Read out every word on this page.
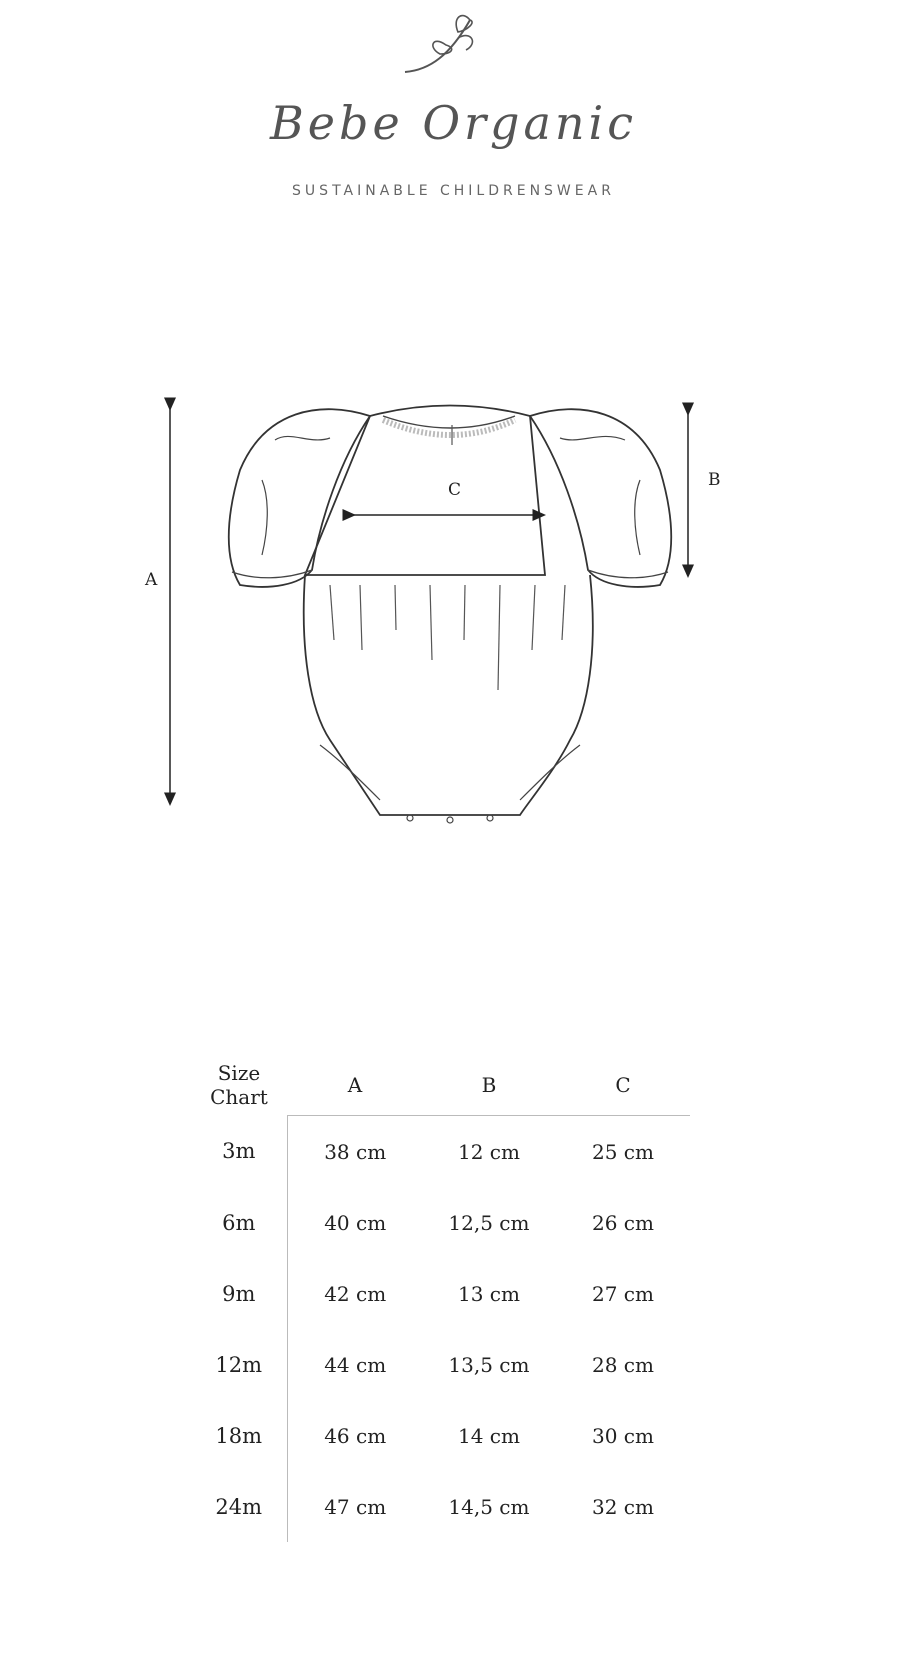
Bebe Organic
SUSTAINABLE CHILDRENSWEAR
A
B
C
Size
Chart	A	B	C
3m	38 cm	12 cm	25 cm
6m	40 cm	12,5 cm	26 cm
9m	42 cm	13 cm	27 cm
12m	44 cm	13,5 cm	28 cm
18m	46 cm	14 cm	30 cm
24m	47 cm	14,5 cm	32 cm
